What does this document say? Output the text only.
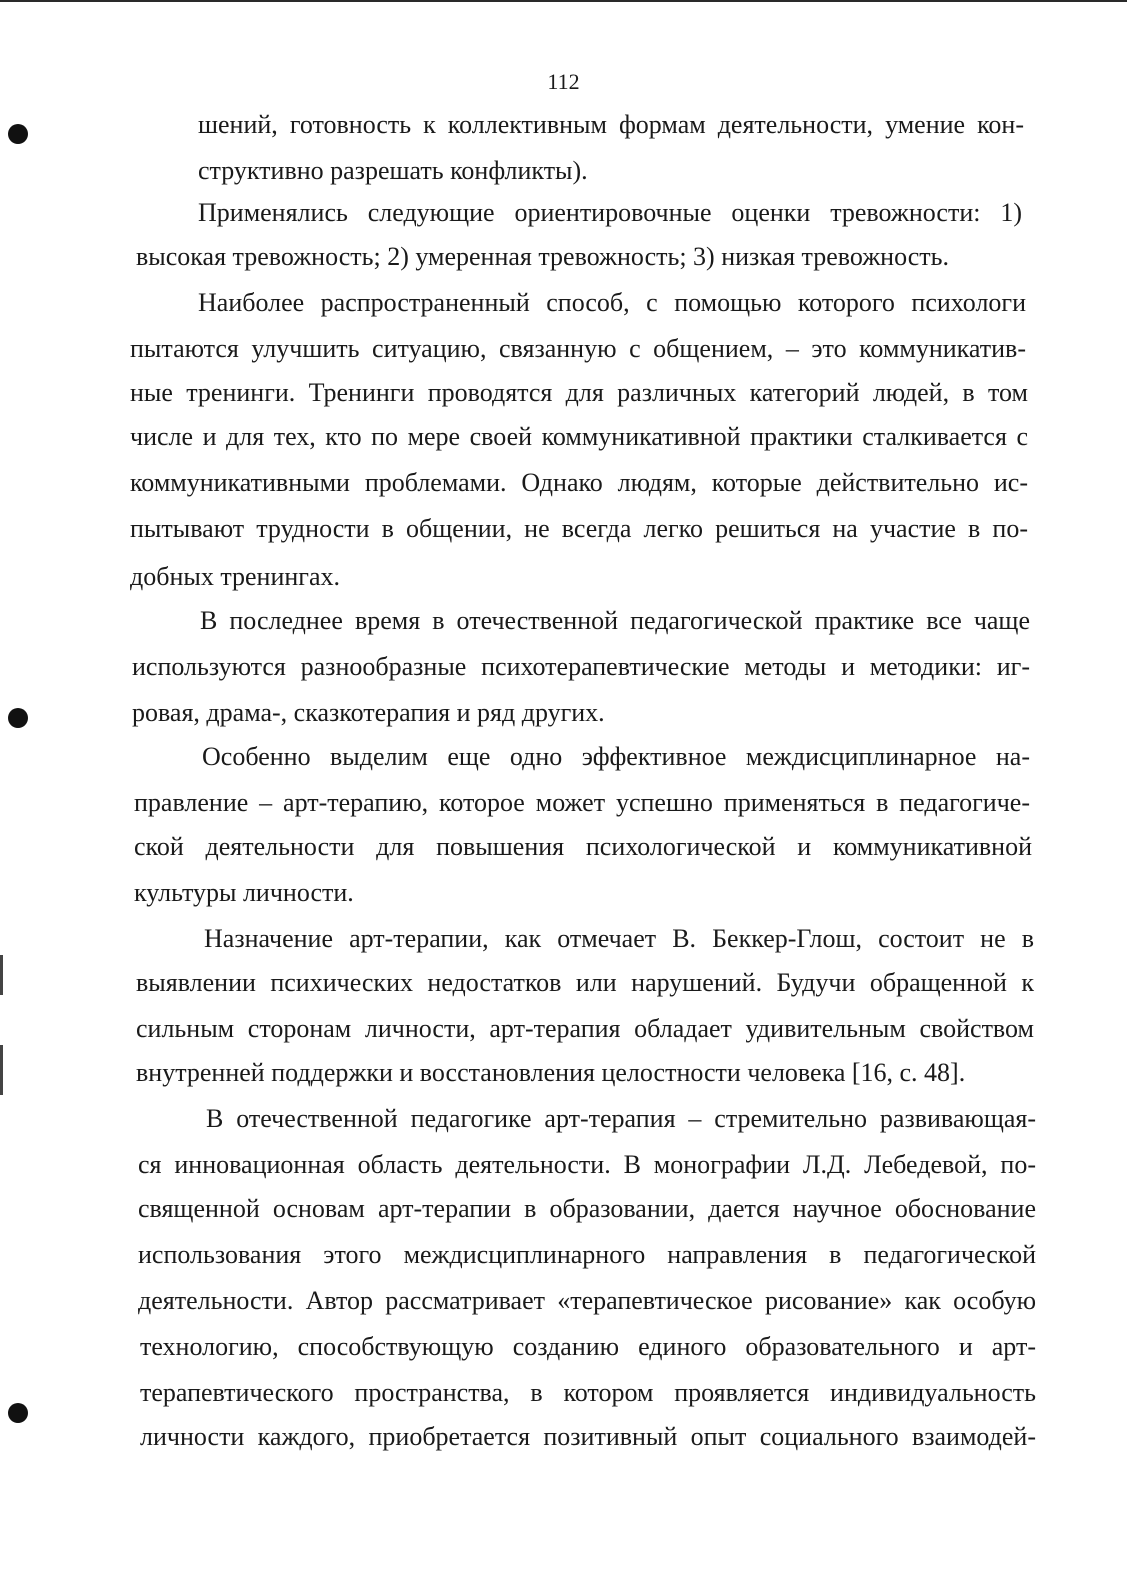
112
шений, готовность к коллективным формам деятельности, умение кон-
структивно разрешать конфликты).
Применялись следующие ориентировочные оценки тревожности: 1)
высокая тревожность; 2) умеренная тревожность; 3) низкая тревожность.
Наиболее распространенный способ, с помощью которого психологи
пытаются улучшить ситуацию, связанную с общением, – это коммуникатив-
ные тренинги. Тренинги проводятся для различных категорий людей, в том
числе и для тех, кто по мере своей коммуникативной практики сталкивается с
коммуникативными проблемами. Однако людям, которые действительно ис-
пытывают трудности в общении, не всегда легко решиться на участие в по-
добных тренингах.
В последнее время в отечественной педагогической практике все чаще
используются разнообразные психотерапевтические методы и методики: иг-
ровая, драма-, сказкотерапия и ряд других.
Особенно выделим еще одно эффективное междисциплинарное на-
правление – арт-терапию, которое может успешно применяться в педагогиче-
ской деятельности для повышения психологической и коммуникативной
культуры личности.
Назначение арт-терапии, как отмечает В. Беккер-Глош, состоит не в
выявлении психических недостатков или нарушений. Будучи обращенной к
сильным сторонам личности, арт-терапия обладает удивительным свойством
внутренней поддержки и восстановления целостности человека [16, с. 48].
В отечественной педагогике арт-терапия – стремительно развивающая-
ся инновационная область деятельности. В монографии Л.Д. Лебедевой, по-
священной основам арт-терапии в образовании, дается научное обоснование
использования этого междисциплинарного направления в педагогической
деятельности. Автор рассматривает «терапевтическое рисование» как особую
технологию, способствующую созданию единого образовательного и арт-
терапевтического пространства, в котором проявляется индивидуальность
личности каждого, приобретается позитивный опыт социального взаимодей-
